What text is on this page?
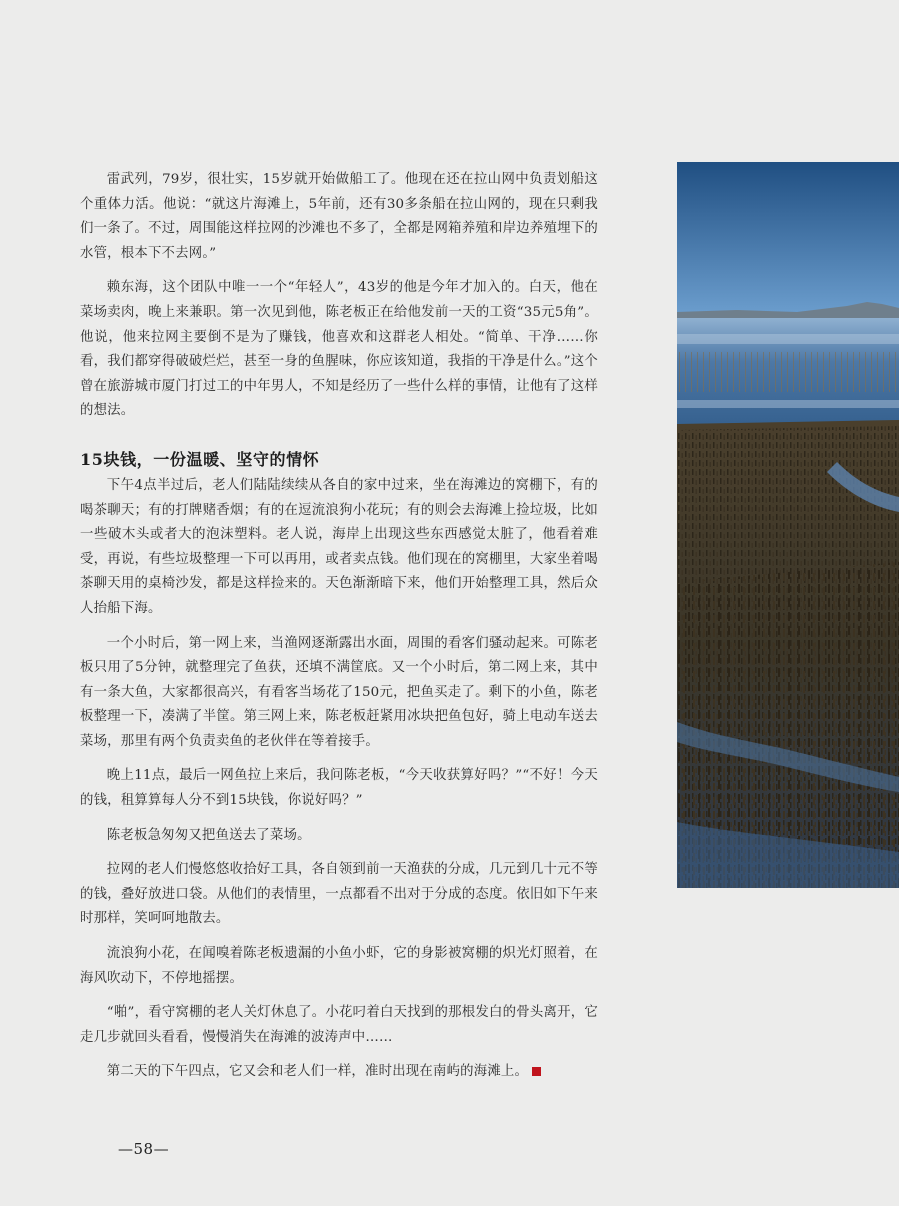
雷武列，79岁，很壮实，15岁就开始做船工了。他现在还在拉山网中负责划船这个重体力活。他说：“就这片海滩上，5年前，还有30多条船在拉山网的，现在只剩我们一条了。不过，周围能这样拉网的沙滩也不多了，全都是网箱养殖和岸边养殖埋下的水管，根本下不去网。”

赖东海，这个团队中唯一一个“年轻人”，43岁的他是今年才加入的。白天，他在菜场卖肉，晚上来兼职。第一次见到他，陈老板正在给他发前一天的工资“35元5角”。他说，他来拉网主要倒不是为了赚钱，他喜欢和这群老人相处。“简单、干净……你看，我们都穿得破破烂烂，甚至一身的鱼腥味，你应该知道，我指的干净是什么。”这个曾在旅游城市厦门打过工的中年男人，不知是经历了一些什么样的事情，让他有了这样的想法。

15块钱，一份温暖、坚守的情怀

下午4点半过后，老人们陆陆续续从各自的家中过来，坐在海滩边的窝棚下，有的喝茶聊天；有的打牌赌香烟；有的在逗流浪狗小花玩；有的则会去海滩上捡垃圾，比如一些破木头或者大的泡沫塑料。老人说，海岸上出现这些东西感觉太脏了，他看着难受，再说，有些垃圾整理一下可以再用，或者卖点钱。他们现在的窝棚里，大家坐着喝茶聊天用的桌椅沙发，都是这样捡来的。天色渐渐暗下来，他们开始整理工具，然后众人抬船下海。

一个小时后，第一网上来，当渔网逐渐露出水面，周围的看客们骚动起来。可陈老板只用了5分钟，就整理完了鱼获，还填不满筐底。又一个小时后，第二网上来，其中有一条大鱼，大家都很高兴，有看客当场花了150元，把鱼买走了。剩下的小鱼，陈老板整理一下，凑满了半筐。第三网上来，陈老板赶紧用冰块把鱼包好，骑上电动车送去菜场，那里有两个负责卖鱼的老伙伴在等着接手。

晚上11点，最后一网鱼拉上来后，我问陈老板，“今天收获算好吗？”“不好！今天的钱，租算算每人分不到15块钱，你说好吗？”

陈老板急匆匆又把鱼送去了菜场。

拉网的老人们慢悠悠收拾好工具，各自领到前一天渔获的分成，几元到几十元不等的钱，叠好放进口袋。从他们的表情里，一点都看不出对于分成的态度。依旧如下午来时那样，笑呵呵地散去。

流浪狗小花，在闻嗅着陈老板遗漏的小鱼小虾，它的身影被窝棚的炽光灯照着，在海风吹动下，不停地摇摆。

“啪”，看守窝棚的老人关灯休息了。小花叼着白天找到的那根发白的骨头离开，它走几步就回头看看，慢慢消失在海滩的波涛声中……

第二天的下午四点，它又会和老人们一样，准时出现在南屿的海滩上。

—58—
